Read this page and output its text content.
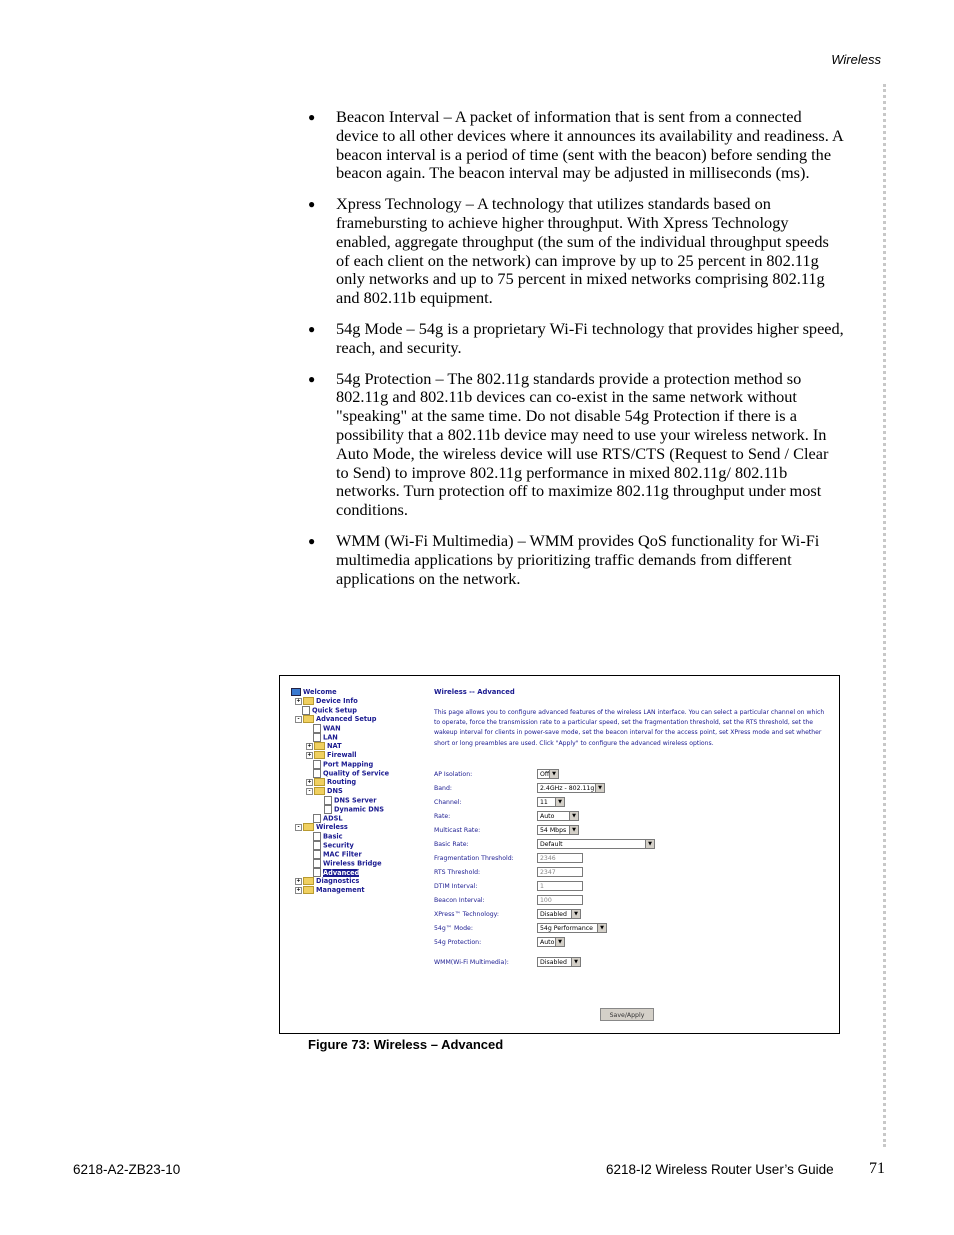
Wireless
● Beacon Interval – A packet of information that is sent from a connected device to all other devices where it announces its availability and readiness. A beacon interval is a period of time (sent with the beacon) before sending the beacon again. The beacon interval may be adjusted in milliseconds (ms).
● Xpress Technology – A technology that utilizes standards based on framebursting to achieve higher throughput. With Xpress Technology enabled, aggregate throughput (the sum of the individual throughput speeds of each client on the network) can improve by up to 25 percent in 802.11g only networks and up to 75 percent in mixed networks comprising 802.11g and 802.11b equipment.
● 54g Mode – 54g is a proprietary Wi-Fi technology that provides higher speed, reach, and security.
● 54g Protection – The 802.11g standards provide a protection method so 802.11g and 802.11b devices can co-exist in the same network without "speaking" at the same time. Do not disable 54g Protection if there is a possibility that a 802.11b device may need to use your wireless network. In Auto Mode, the wireless device will use RTS/CTS (Request to Send / Clear to Send) to improve 802.11g performance in mixed 802.11g/ 802.11b networks. Turn protection off to maximize 802.11g throughput under most conditions.
● WMM (Wi-Fi Multimedia) – WMM provides QoS functionality for Wi-Fi multimedia applications by prioritizing traffic demands from different applications on the network.
Welcome
+ Device Info
Quick Setup
- Advanced Setup
WAN
LAN
+ NAT
+ Firewall
Port Mapping
Quality of Service
+ Routing
- DNS
DNS Server
Dynamic DNS
ADSL
- Wireless
Basic
Security
MAC Filter
Wireless Bridge
Advanced
+ Diagnostics
+ Management
Wireless -- Advanced
This page allows you to configure advanced features of the wireless LAN interface. You can select a particular channel on which to operate, force the transmission rate to a particular speed, set the fragmentation threshold, set the RTS threshold, set the wakeup interval for clients in power-save mode, set the beacon interval for the access point, set XPress mode and set whether short or long preambles are used. Click "Apply" to configure the advanced wireless options.
AP Isolation:	Off ▼
Band:	2.4GHz - 802.11g ▼
Channel:	11	▼
Rate:	Auto	▼
Multicast Rate:	54 Mbps	▼
Basic Rate:	Default	▼
Fragmentation Threshold:	2346
RTS Threshold:	2347
DTIM Interval:	1
Beacon Interval:	100
XPress™ Technology:	Disabled	▼
54g™ Mode:	54g Performance	▼
54g Protection:	Auto ▼
WMM(Wi-Fi Multimedia):	Disabled	▼
Save/Apply
Figure 73: Wireless – Advanced
6218-A2-ZB23-10	6218-I2 Wireless Router User’s Guide 71
